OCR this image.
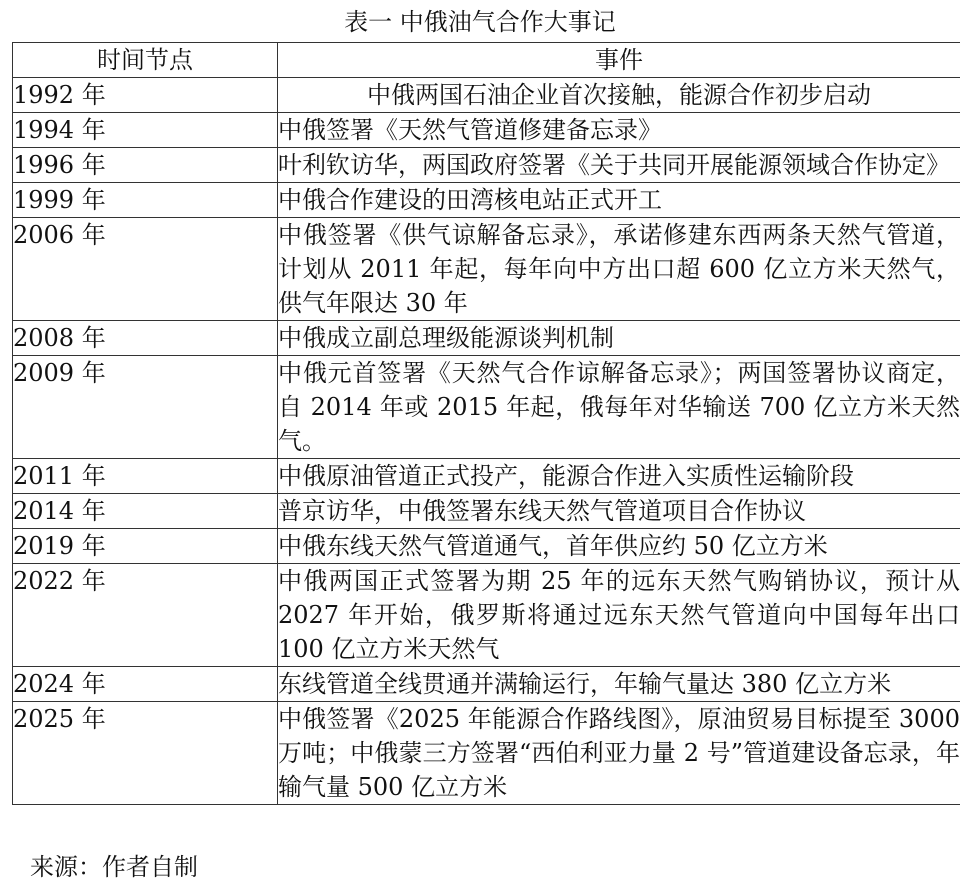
表一 中俄油气合作大事记
时间节点	事件
1992 年	中俄两国石油企业首次接触，能源合作初步启动
1994 年	中俄签署《天然气管道修建备忘录》
1996 年	叶利钦访华，两国政府签署《关于共同开展能源领域合作协定》
1999 年	中俄合作建设的田湾核电站正式开工
2006 年	中俄签署《供气谅解备忘录》，承诺修建东西两条天然气管道，计划从 2011 年起，每年向中方出口超 600 亿立方米天然气，供气年限达 30 年
2008 年	中俄成立副总理级能源谈判机制
2009 年	中俄元首签署《天然气合作谅解备忘录》；两国签署协议商定，自 2014 年或 2015 年起，俄每年对华输送 700 亿立方米天然气。
2011 年	中俄原油管道正式投产，能源合作进入实质性运输阶段
2014 年	普京访华，中俄签署东线天然气管道项目合作协议
2019 年	中俄东线天然气管道通气，首年供应约 50 亿立方米
2022 年	中俄两国正式签署为期 25 年的远东天然气购销协议，预计从 2027 年开始，俄罗斯将通过远东天然气管道向中国每年出口 100 亿立方米天然气
2024 年	东线管道全线贯通并满输运行，年输气量达 380 亿立方米
2025 年	中俄签署《2025 年能源合作路线图》，原油贸易目标提至 3000 万吨；中俄蒙三方签署“西伯利亚力量 2 号”管道建设备忘录，年输气量 500 亿立方米
来源：作者自制
